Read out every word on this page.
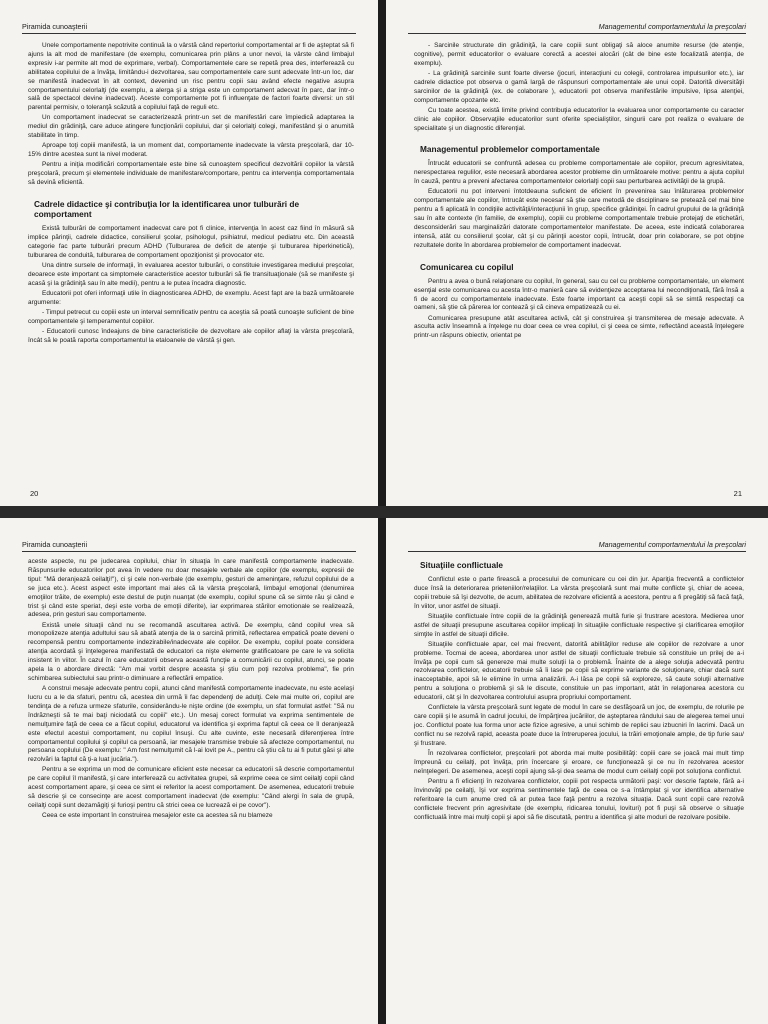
Piramida cunoaşterii

Unele comportamente nepotrivite continuă la o vârstă când repertoriul comportamental ar fi de aşteptat să fi ajuns la alt mod de manifestare (de exemplu, comunicarea prin plâns a unor nevoi, la vârste când limbajul expresiv i-ar permite alt mod de exprimare, verbal). Comportamentele care se repetă prea des, interferează cu abilitatea copilului de a învăţa, limitându-i dezvoltarea, sau comportamentele care sunt adecvate într-un loc, dar se manifestă inadecvat în alt context, devenind un risc pentru copii sau având efecte negative asupra comportamentului celorlalţi (de exemplu, a alerga şi a striga este un comportament adecvat în parc, dar într-o sală de spectacol devine inadecvat). Aceste comportamente pot fi influenţate de factori foarte diversi: un stil parental permisiv, o toleranţă scăzută a copilului faţă de reguli etc.

Un comportament inadecvat se caracterizează printr-un set de manifestări care împiedică adaptarea la mediul din grădiniţă, care aduce atingere funcţionării copilului, dar şi celorlalţi colegi, manifestând şi o anumită stabilitate în timp.

Aproape toţi copiii manifestă, la un moment dat, comportamente inadecvate la vârsta preşcolară, dar 10-15% dintre acestea sunt la nivel moderat.

Pentru a iniţia modificări comportamentale este bine să cunoaştem specificul dezvoltării copiilor la vârstă preşcolară, precum şi elementele individuale de manifestare/comportare, pentru ca intervenţia comportamentala să devină eficientă.

Cadrele didactice şi contribuţia lor la identificarea unor tulburări de comportament

Există tulburări de comportament inadecvat care pot fi clinice, intervenţia în acest caz fiind în măsură să implice părinţii, cadrele didactice, consilierul şcolar, psihologul, psihiatrul, medicul pediatru etc. Din această categorie fac parte tulburări precum ADHD (Tulburarea de deficit de atenţie şi tulburarea hiperkinetică), tulburarea de conduită, tulburarea de comportament opoziţionist şi provocator etc.

Una dintre sursele de informaţii, în evaluarea acestor tulburări, o constituie investigarea mediului preşcolar, deoarece este important ca simptomele caracteristice acestor tulburări să fie transituaţionale (să se manifeste şi acasă şi la grădiniţă sau în alte medii), pentru a le putea încadra diagnostic.

Educatorii pot oferi informaţii utile în diagnosticarea ADHD, de exemplu. Acest fapt are la bază următoarele argumente:

- Timpul petrecut cu copiii este un interval semnificativ pentru ca aceştia să poată cunoaşte suficient de bine comportamentele şi temperamentul copiilor.

- Educatorii cunosc îndeajuns de bine caracteristicile de dezvoltare ale copiilor aflaţi la vârsta preşcolară, încât să le poată raporta comportamentul la etaloanele de vârstă şi gen.

20
Managementul comportamentului la preşcolari

- Sarcinile structurate din grădiniţă, la care copiii sunt obligaţi să aloce anumite resurse (de atenţie, cognitive), permit educatorilor o evaluare corectă a acestei alocări (cât de bine este focalizată atenţia, de exemplu).

- La grădiniţă sarcinile sunt foarte diverse (jocuri, interacţiuni cu colegii, controlarea impulsurilor etc.), iar cadrele didactice pot observa o gamă largă de răspunsuri comportamentale ale unui copil. Datorită diversităţii sarcinilor de la grădiniţă (ex. de colaborare ), educatorii pot observa manifestările impulsive, lipsa atenţiei, comportamente opozante etc.

Cu toate acestea, există limite privind contribuţia educatorilor la evaluarea unor comportamente cu caracter clinic ale copiilor. Observaţiile educatorilor sunt oferite specialiştilor, singurii care pot realiza o evaluare de specialitate şi un diagnostic diferenţial.

Managementul problemelor comportamentale

Întrucât educatorii se confruntă adesea cu probleme comportamentale ale copiilor, precum agresivitatea, nerespectarea regulilor, este necesară abordarea acestor probleme din următoarele motive: pentru a ajuta copilul în cauză, pentru a preveni afectarea comportamentelor celorlalţi copii sau perturbarea activităţii de la grupă.

Educatorii nu pot interveni întotdeauna suficient de eficient în prevenirea sau înlăturarea problemelor comportamentale ale copiilor, întrucât este necesar să ştie care metodă de disciplinare se pretează cel mai bine pentru a fi aplicată în condiţiile activităţii/interacţiunii în grup, specifice grădiniţei. În cadrul grupului de la grădiniţă sau în alte contexte (în familie, de exemplu), copiii cu probleme comportamentale trebuie protejaţi de etichetări, desconsiderări sau marginalizări datorate comportamentelor manifestate. De aceea, este indicată colaborarea intensă, atât cu consilierul şcolar, cât şi cu părinţii acestor copii, întrucât, doar prin colaborare, se pot obţine rezultatele dorite în abordarea problemelor de comportament inadecvat.

Comunicarea cu copilul

Pentru a avea o bună relaţionare cu copilul, în general, sau cu cel cu probleme comportamentale, un element esenţial este comunicarea cu acesta într-o manieră care să evidenţieze acceptarea lui necondiţionată, fără însă a fi de acord cu comportamentele inadecvate. Este foarte important ca aceşti copii să se simtă respectaţi ca oameni, să ştie că părerea lor contează şi că cineva empatizează cu ei.

Comunicarea presupune atât ascultarea activă, cât şi construirea şi transmiterea de mesaje adecvate. A asculta activ înseamnă a înţelege nu doar ceea ce vrea copilul, ci şi ceea ce simte, reflectând această înţelegere printr-un răspuns obiectiv, orientat pe

21
Piramida cunoaşterii

aceste aspecte, nu pe judecarea copilului, chiar în situaţia în care manifestă comportamente inadecvate. Răspunsurile educatorilor pot avea în vedere nu doar mesajele verbale ale copiilor (de exemplu, expresii de tipul: "Mă deranjează ceilalţi!"), ci şi cele non-verbale (de exemplu, gesturi de ameninţare, refuzul copilului de a se juca etc.). Acest aspect este important mai ales că la vârsta preşcolară, limbajul emoţional (denumirea emoţiilor trăite, de exemplu) este destul de puţin nuanţat (de exemplu, copilul spune că se simte rău şi când e trist şi când este speriat, deşi este vorba de emoţii diferite), iar exprimarea stărilor emotionale se realizează, adesea, prin gesturi sau comportamente.

Există unele situaţii când nu se recomandă ascultarea activă. De exemplu, când copilul vrea să monopolizeze atenţia adultului sau să abată atenţia de la o sarcină primită, reflectarea empatică poate deveni o recompensă pentru comportamente indezirabile/inadecvate ale copiilor. De exemplu, copilul poate considera atenţia acordată şi înţelegerea manifestată de educatori ca nişte elemente gratificatoare pe care le va solicita insistent în viitor. În cazul în care educatorii observa această funcţie a comunicării cu copilul, atunci, se poate apela la o abordare directă: "Am mai vorbit despre aceasta şi ştiu cum poţi rezolva problema", fie prin schimbarea subiectului sau printr-o diminuare a reflectării empatice.

A construi mesaje adecvate pentru copii, atunci când manifestă comportamente inadecvate, nu este acelaşi lucru cu a le da sfaturi, pentru că, acestea din urmă îi fac dependenţi de adulţi. Cele mai multe ori, copilul are tendinţa de a refuza urmeze sfaturile, considerându-le nişte ordine (de exemplu, un sfat formulat astfel: "Să nu îndrăzneşti să te mai baţi niciodată cu copiii" etc.). Un mesaj corect formulat va exprima sentimentele de nemulţumire faţă de ceea ce a făcut copilul, educatorul va identifica şi exprima faptul că ceea ce îl deranjează este efectul acestui comportament, nu copilul însuşi. Cu alte cuvinte, este necesară diferenţierea între comportamentul copilului şi copilul ca persoană, iar mesajele transmise trebuie să afecteze comportamentul, nu persoana copilului (De exemplu: " Am fost nemulţumit că l-ai lovit pe A., pentru că ştiu că tu ai fi putut găsi şi alte rezolvări la faptul că ţi-a luat jucăria.").

Pentru a se exprima un mod de comunicare eficient este necesar ca educatorii să descrie comportamentul pe care copilul îl manifestă, şi care interferează cu activitatea grupei, să exprime ceea ce simt ceilalţi copii când acest comportament apare, şi ceea ce simt ei referitor la acest comportament. De asemenea, educatorii trebuie să descrie şi ce consecinţe are acest comportament inadecvat (de exemplu: "Când alergi în sala de grupă, ceilalţi copii sunt dezamăgiţi şi furioşi pentru că strici ceea ce lucrează ei pe covor").

Ceea ce este important în construirea mesajelor este ca acestea să nu blameze

Managementul comportamentului la preşcolari
Situaţiile conflictuale

Conflictul este o parte firească a procesului de comunicare cu cei din jur. Apariţia frecventă a conflictelor duce însă la deteriorarea prieteniilor/relaţiilor. La vârsta preşcolară sunt mai multe conflicte şi, chiar de aceea, copiii trebuie să îşi dezvolte, de acum, abilitatea de rezolvare eficientă a acestora, pentru a fi pregătiţi să facă faţă, în viitor, unor astfel de situaţii.

Situaţiile conflictuale între copiii de la grădiniţă generează multă furie şi frustrare acestora. Medierea unor astfel de situaţii presupune ascultarea copiilor implicaţi în situaţiile conflictuale respective şi clarificarea emoţiilor simţite în astfel de situaţii dificile.

Situaţiile conflictuale apar, cel mai frecvent, datorită abilităţilor reduse ale copiilor de rezolvare a unor probleme. Tocmai de aceea, abordarea unor astfel de situaţii conflictuale trebuie să constituie un prilej de a-i învăţa pe copii cum să genereze mai multe soluţii la o problemă. Înainte de a alege soluţia adecvată pentru rezolvarea conflictelor, educatorii trebuie să îi lase pe copii să exprime variante de soluţionare, chiar dacă sunt inacceptabile, apoi să le elimine în urma analizării. A-i lăsa pe copii să exploreze, să caute soluţii alternative pentru a soluţiona o problemă şi să le discute, constituie un pas important, atât în relaţionarea acestora cu educatorii, cât şi în dezvoltarea controlului asupra propriului comportament.

Conflictele la vârsta preşcolară sunt legate de modul în care se desfăşoară un joc, de exemplu, de rolurile pe care copiii şi le asumă în cadrul jocului, de împărţirea jucăriilor, de aşteptarea rândului sau de alegerea temei unui joc. Conflictul poate lua forma unor acte fizice agresive, a unui schimb de replici sau izbucniri în lacrimi. Dacă un conflict nu se rezolvă rapid, aceasta poate duce la întreruperea jocului, la trăiri emoţionale ample, de tip furie sau/şi frustrare.

În rezolvarea conflictelor, preşcolarii pot aborda mai multe posibilităţi: copiii care se joacă mai mult timp împreună cu ceilalţi, pot învăţa, prin încercare şi eroare, ce funcţionează şi ce nu în rezolvarea acestor neînţelegeri. De asemenea, aceşti copii ajung să-şi dea seama de modul cum ceilalţi copii pot soluţiona conflictul.

Pentru a fi eficienţi în rezolvarea conflictelor, copiii pot respecta următorii paşi: vor descrie faptele, fără a-i învinovăţi pe ceilalţi, îşi vor exprima sentimentele faţă de ceea ce s-a întâmplat şi vor identifica alternative referitoare la cum anume cred că ar putea face faţă pentru a rezolva situaţia. Dacă sunt copii care rezolvă conflictele frecvent prin agresivitate (de exemplu, ridicarea tonului, lovituri) pot fi puşi să observe o situaţie conflictuală între mai mulţi copii şi apoi să fie discutată, pentru a identifica şi alte moduri de rezolvare posibile.
